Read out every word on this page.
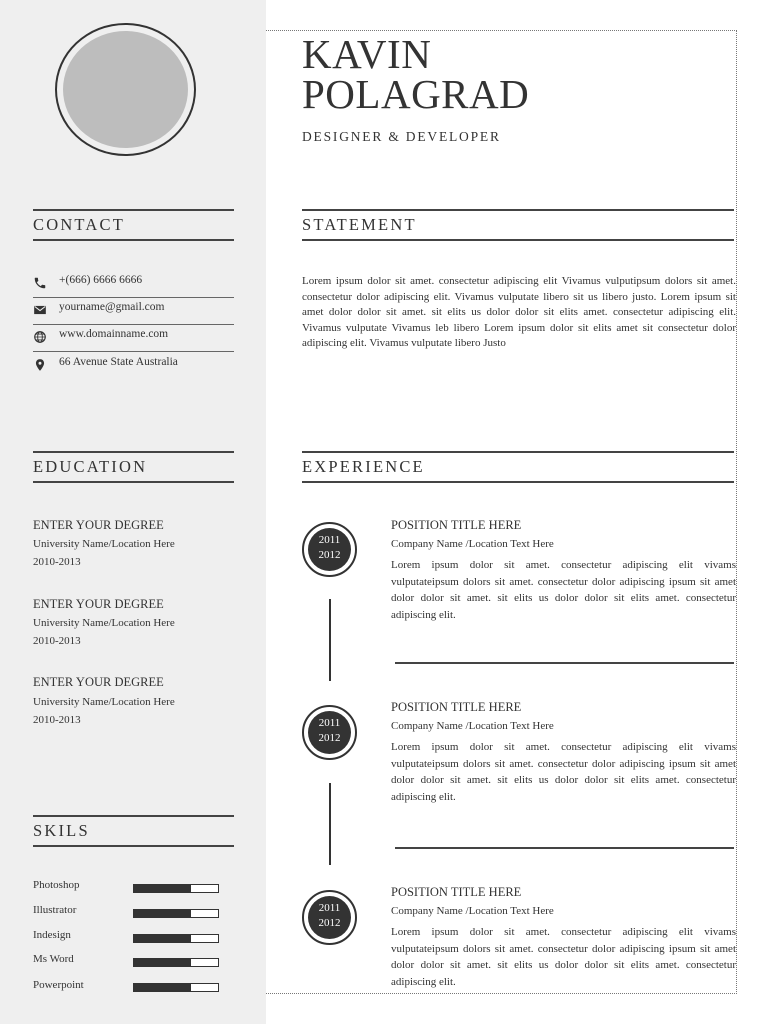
KAVIN
POLAGRAD
DESIGNER & DEVELOPER
CONTACT	STATEMENT
EDUCATION	EXPERIENCE
SKILS
+(666) 6666 6666
yourname@gmail.com
www.domainname.com
66 Avenue State Australia
Lorem ipsum dolor sit amet. consectetur adipiscing elit Vivamus vulputipsum dolors sit amet. consectetur dolor adipiscing elit. Vivamus vulputate libero sit us libero justo. Lorem ipsum sit amet dolor dolor sit amet. sit elits us dolor dolor sit elits amet. consectetur adipiscing elit. Vivamus vulputate Vivamus leb libero Lorem ipsum dolor sit elits amet sit consectetur dolor adipiscing elit. Vivamus vulputate libero Justo
ENTER YOUR DEGREE
University Name/Location Here
2010-2013
ENTER YOUR DEGREE
University Name/Location Here
2010-2013
ENTER YOUR DEGREE
University Name/Location Here
2010-2013
Photoshop
Illustrator
Indesign
Ms Word
Powerpoint
2011
2012
POSITION TITLE HERE
Company Name /Location Text Here
Lorem ipsum dolor sit amet. consectetur adipiscing elit vivams vulputateipsum dolors sit amet. consectetur dolor adipiscing ipsum sit amet dolor dolor sit amet. sit elits us dolor dolor sit elits amet. consectetur adipiscing elit.
2011
2012
POSITION TITLE HERE
Company Name /Location Text Here
Lorem ipsum dolor sit amet. consectetur adipiscing elit vivams vulputateipsum dolors sit amet. consectetur dolor adipiscing ipsum sit amet dolor dolor sit amet. sit elits us dolor dolor sit elits amet. consectetur adipiscing elit.
2011
2012
POSITION TITLE HERE
Company Name /Location Text Here
Lorem ipsum dolor sit amet. consectetur adipiscing elit vivams vulputateipsum dolors sit amet. consectetur dolor adipiscing ipsum sit amet dolor dolor sit amet. sit elits us dolor dolor sit elits amet. consectetur adipiscing elit.
